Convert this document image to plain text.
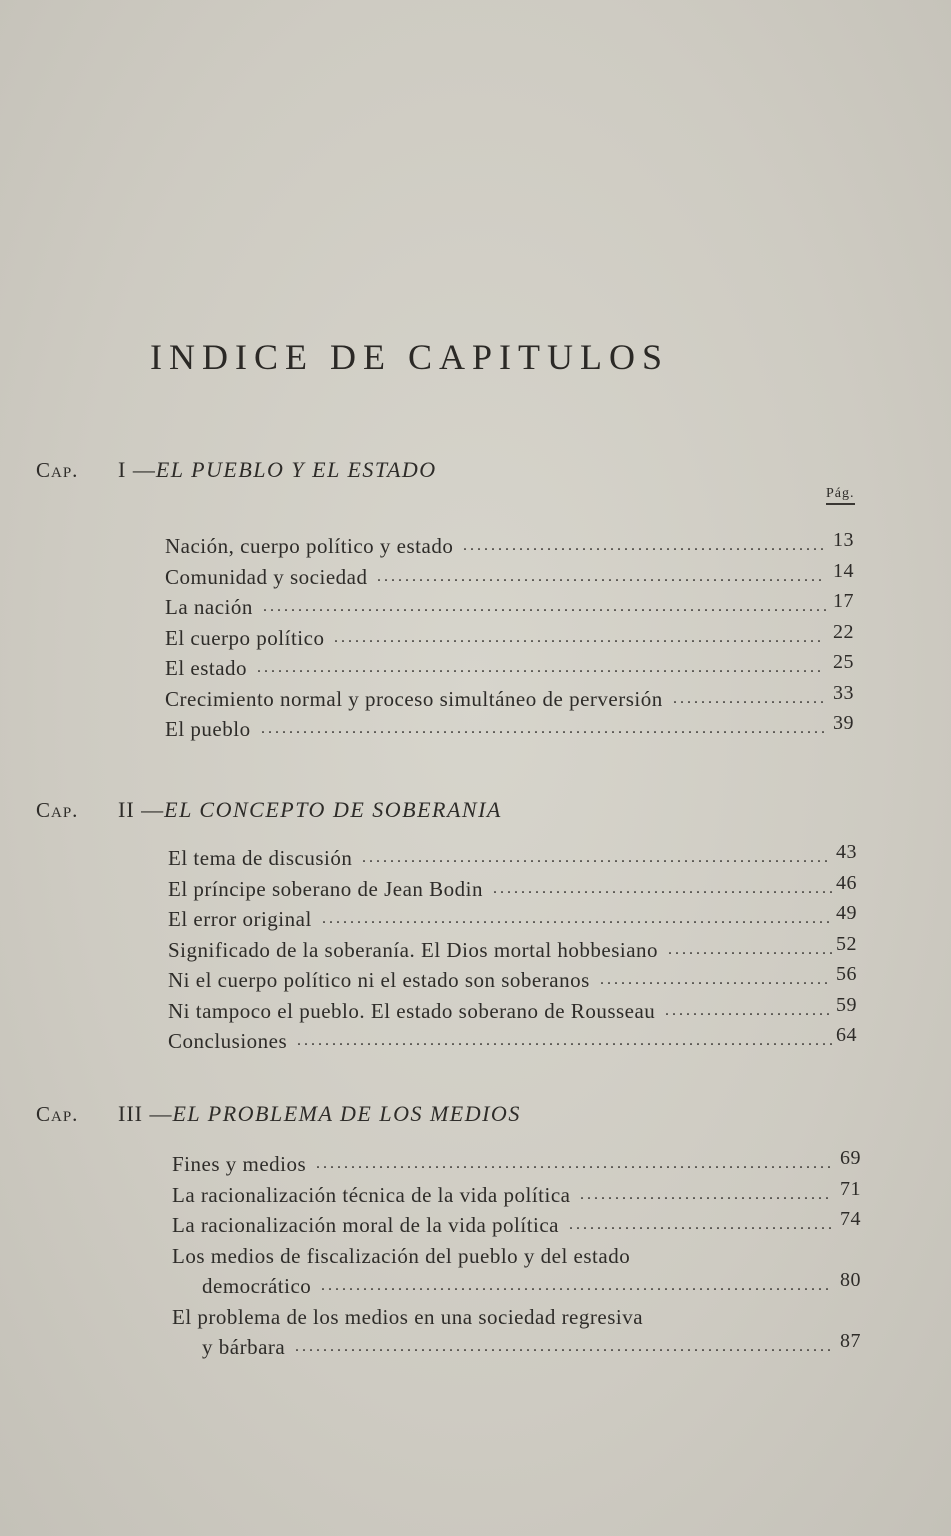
INDICE DE CAPITULOS
Cap. I —EL PUEBLO Y EL ESTADO
Pág.
Nación, cuerpo político y estado .................................................... 13
Comunidad y sociedad ................................................................ 14
La nación ................................................................................. 17
El cuerpo político ...................................................................... 22
El estado ................................................................................. 25
Crecimiento normal y proceso simultáneo de perversión ...................... 33
El pueblo ................................................................................. 39
Cap. II —EL CONCEPTO DE SOBERANIA
El tema de discusión ................................................................... 43
El príncipe soberano de Jean Bodin ................................................. 46
El error original ......................................................................... 49
Significado de la soberanía. El Dios mortal hobbesiano ........................ 52
Ni el cuerpo político ni el estado son soberanos ................................. 56
Ni tampoco el pueblo. El estado soberano de Rousseau ........................ 59
Conclusiones ............................................................................. 64
Cap. III —EL PROBLEMA DE LOS MEDIOS
Fines y medios .......................................................................... 69
La racionalización técnica de la vida política .................................... 71
La racionalización moral de la vida política ...................................... 74
Los medios de fiscalización del pueblo y del estado
democrático ......................................................................... 80
El problema de los medios en una sociedad regresiva
y bárbara ............................................................................. 87
